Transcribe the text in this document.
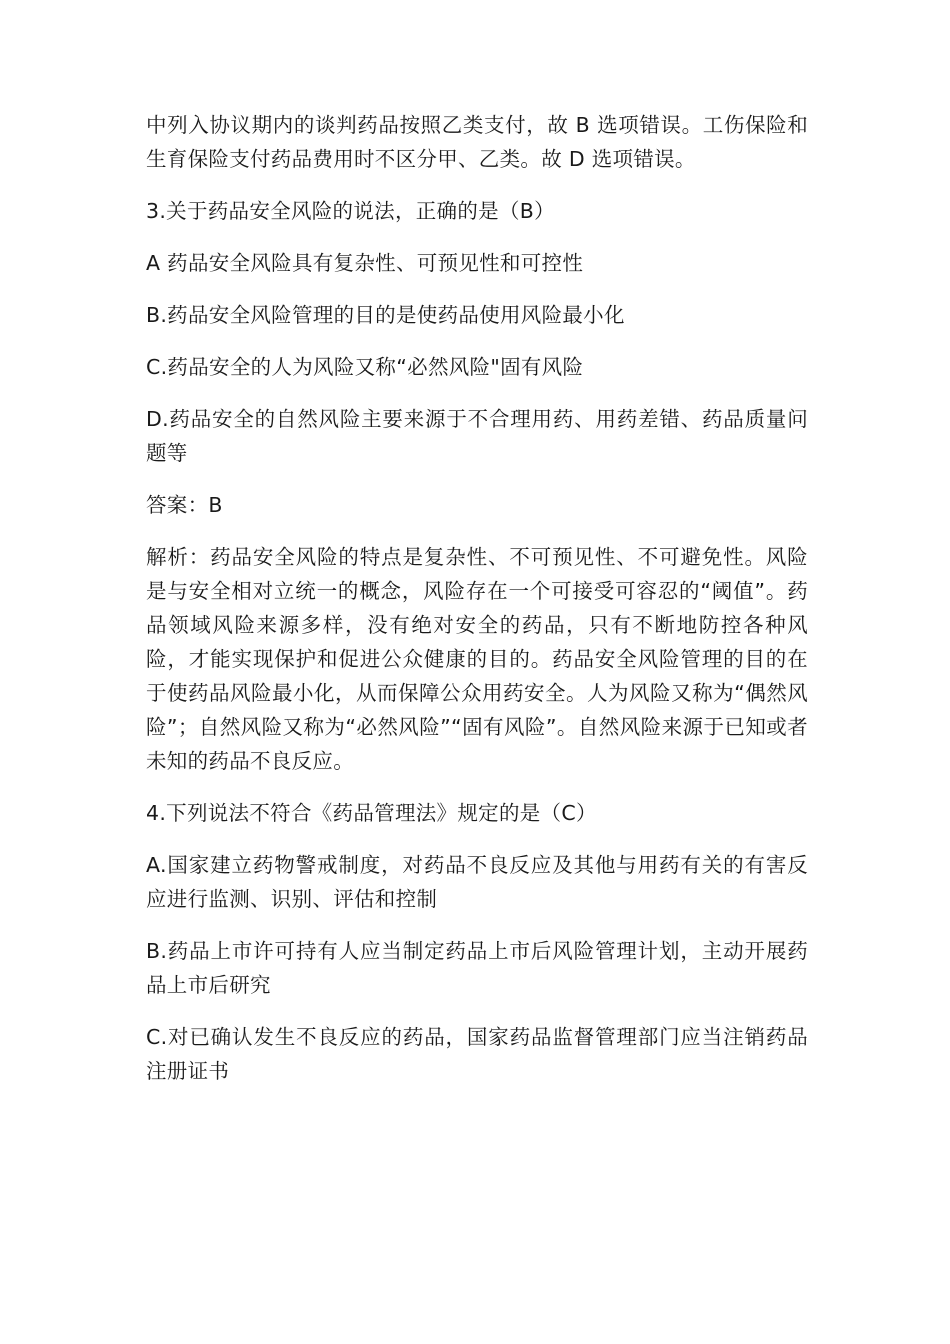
中列入协议期内的谈判药品按照乙类支付，故 B 选项错误。工伤保险和生育保险支付药品费用时不区分甲、乙类。故 D 选项错误。

3.关于药品安全风险的说法，正确的是（B）

A 药品安全风险具有复杂性、可预见性和可控性

B.药品安全风险管理的目的是使药品使用风险最小化

C.药品安全的人为风险又称“必然风险"固有风险

D.药品安全的自然风险主要来源于不合理用药、用药差错、药品质量问题等

答案：B

解析：药品安全风险的特点是复杂性、不可预见性、不可避免性。风险是与安全相对立统一的概念，风险存在一个可接受可容忍的“阈值”。药品领域风险来源多样，没有绝对安全的药品，只有不断地防控各种风险，才能实现保护和促进公众健康的目的。药品安全风险管理的目的在于使药品风险最小化，从而保障公众用药安全。人为风险又称为“偶然风险”；自然风险又称为“必然风险”“固有风险”。自然风险来源于已知或者未知的药品不良反应。

4.下列说法不符合《药品管理法》规定的是（C）

A.国家建立药物警戒制度，对药品不良反应及其他与用药有关的有害反应进行监测、识别、评估和控制

B.药品上市许可持有人应当制定药品上市后风险管理计划，主动开展药品上市后研究

C.对已确认发生不良反应的药品，国家药品监督管理部门应当注销药品注册证书
